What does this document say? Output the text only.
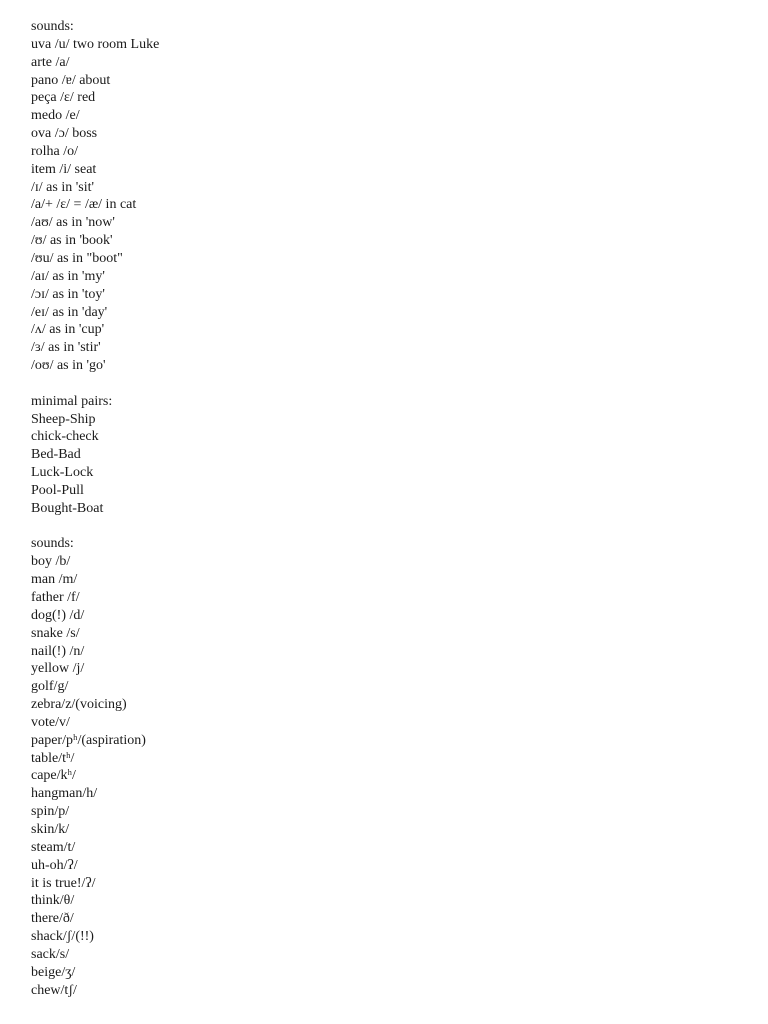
sounds:
uva /u/ two room Luke
arte /a/
pano /ɐ/ about
peça /ɛ/ red
medo /e/
ova /ɔ/ boss
rolha /o/
item /i/ seat
/ɪ/ as in 'sit'
/a/+ /ɛ/ = /æ/ in cat
/aʊ/ as in 'now'
/ʊ/ as in 'book'
/ʊu/ as in "boot"
/aɪ/ as in 'my'
/ɔɪ/ as in 'toy'
/eɪ/ as in 'day'
/ʌ/ as in 'cup'
/ɜ/ as in 'stir'
/oʊ/ as in 'go'
minimal pairs:
Sheep-Ship
chick-check
Bed-Bad
Luck-Lock
Pool-Pull
Bought-Boat
sounds:
boy /b/
man /m/
father /f/
dog(!) /d/
snake /s/
nail(!) /n/
yellow /j/
golf/g/
zebra/z/(voicing)
vote/v/
paper/pʰ/(aspiration)
table/tʰ/
cape/kʰ/
hangman/h/
spin/p/
skin/k/
steam/t/
uh-oh/ʔ/
it is true!/ʔ/
think/θ/
there/ð/
shack/ʃ/(!!)
sack/s/
beige/ʒ/
chew/tʃ/
